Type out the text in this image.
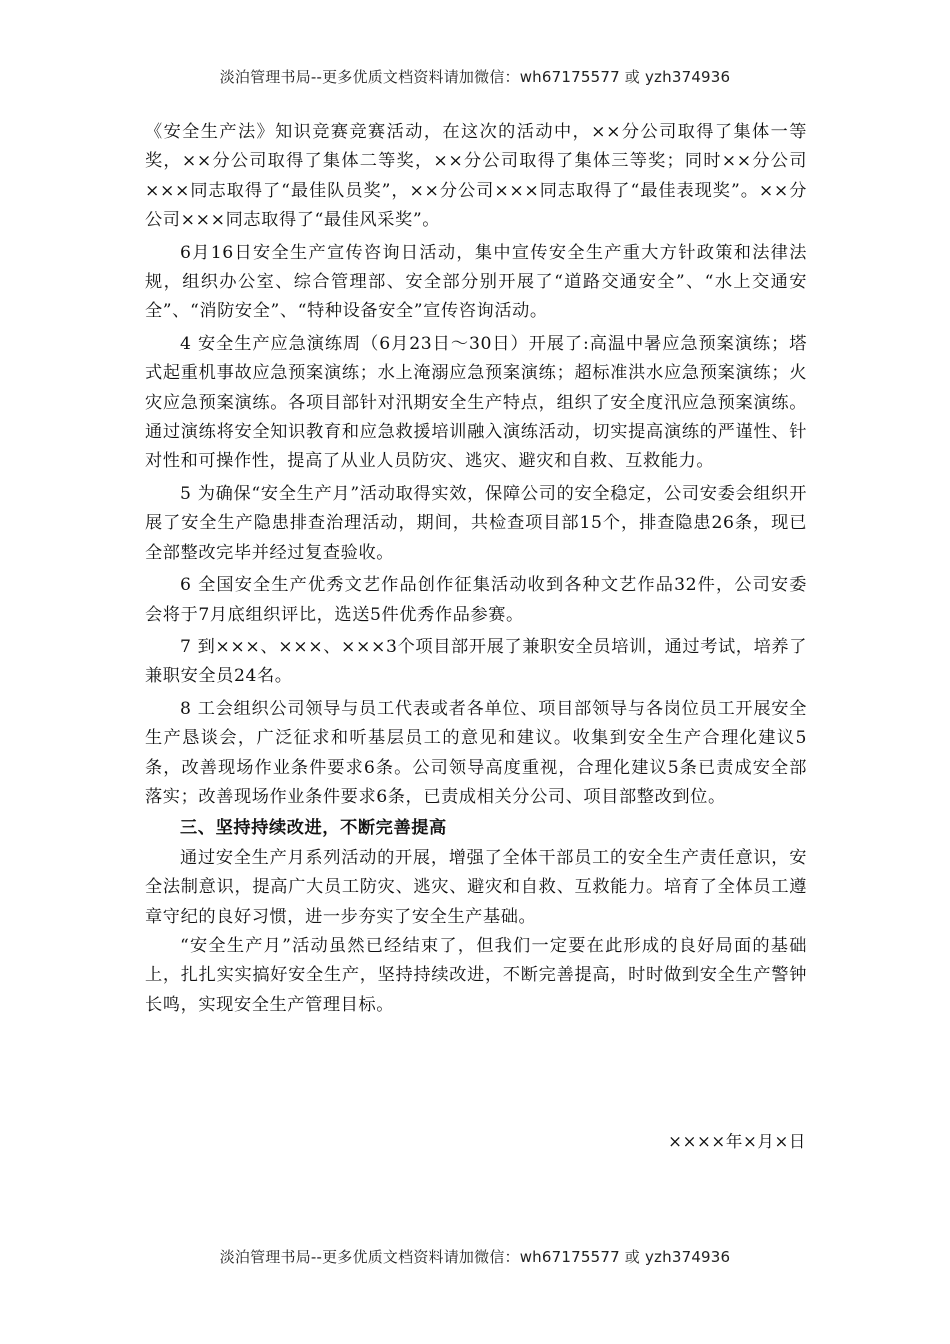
淡泊管理书局--更多优质文档资料请加微信：wh67175577 或 yzh374936

《安全生产法》知识竞赛竞赛活动，在这次的活动中，××分公司取得了集体一等奖，××分公司取得了集体二等奖，××分公司取得了集体三等奖；同时××分公司×××同志取得了“最佳队员奖”，××分公司×××同志取得了“最佳表现奖”。××分公司×××同志取得了“最佳风采奖”。

6月16日安全生产宣传咨询日活动，集中宣传安全生产重大方针政策和法律法规，组织办公室、综合管理部、安全部分别开展了“道路交通安全”、“水上交通安全”、“消防安全”、“特种设备安全”宣传咨询活动。

4 安全生产应急演练周（6月23日～30日）开展了:高温中暑应急预案演练；塔式起重机事故应急预案演练；水上淹溺应急预案演练；超标准洪水应急预案演练；火灾应急预案演练。各项目部针对汛期安全生产特点，组织了安全度汛应急预案演练。通过演练将安全知识教育和应急救援培训融入演练活动，切实提高演练的严谨性、针对性和可操作性，提高了从业人员防灾、逃灾、避灾和自救、互救能力。

5 为确保“安全生产月”活动取得实效，保障公司的安全稳定，公司安委会组织开展了安全生产隐患排查治理活动，期间，共检查项目部15个，排查隐患26条，现已全部整改完毕并经过复查验收。

6 全国安全生产优秀文艺作品创作征集活动收到各种文艺作品32件，公司安委会将于7月底组织评比，选送5件优秀作品参赛。

7 到×××、×××、×××3个项目部开展了兼职安全员培训，通过考试，培养了兼职安全员24名。

8 工会组织公司领导与员工代表或者各单位、项目部领导与各岗位员工开展安全生产恳谈会，广泛征求和听基层员工的意见和建议。收集到安全生产合理化建议5条，改善现场作业条件要求6条。公司领导高度重视，合理化建议5条已责成安全部落实；改善现场作业条件要求6条，已责成相关分公司、项目部整改到位。

三、坚持持续改进，不断完善提高

通过安全生产月系列活动的开展，增强了全体干部员工的安全生产责任意识，安全法制意识，提高广大员工防灾、逃灾、避灾和自救、互救能力。培育了全体员工遵章守纪的良好习惯，进一步夯实了安全生产基础。

“安全生产月”活动虽然已经结束了，但我们一定要在此形成的良好局面的基础上，扎扎实实搞好安全生产，坚持持续改进，不断完善提高，时时做到安全生产警钟长鸣，实现安全生产管理目标。

××××年×月×日
淡泊管理书局--更多优质文档资料请加微信：wh67175577 或 yzh374936
